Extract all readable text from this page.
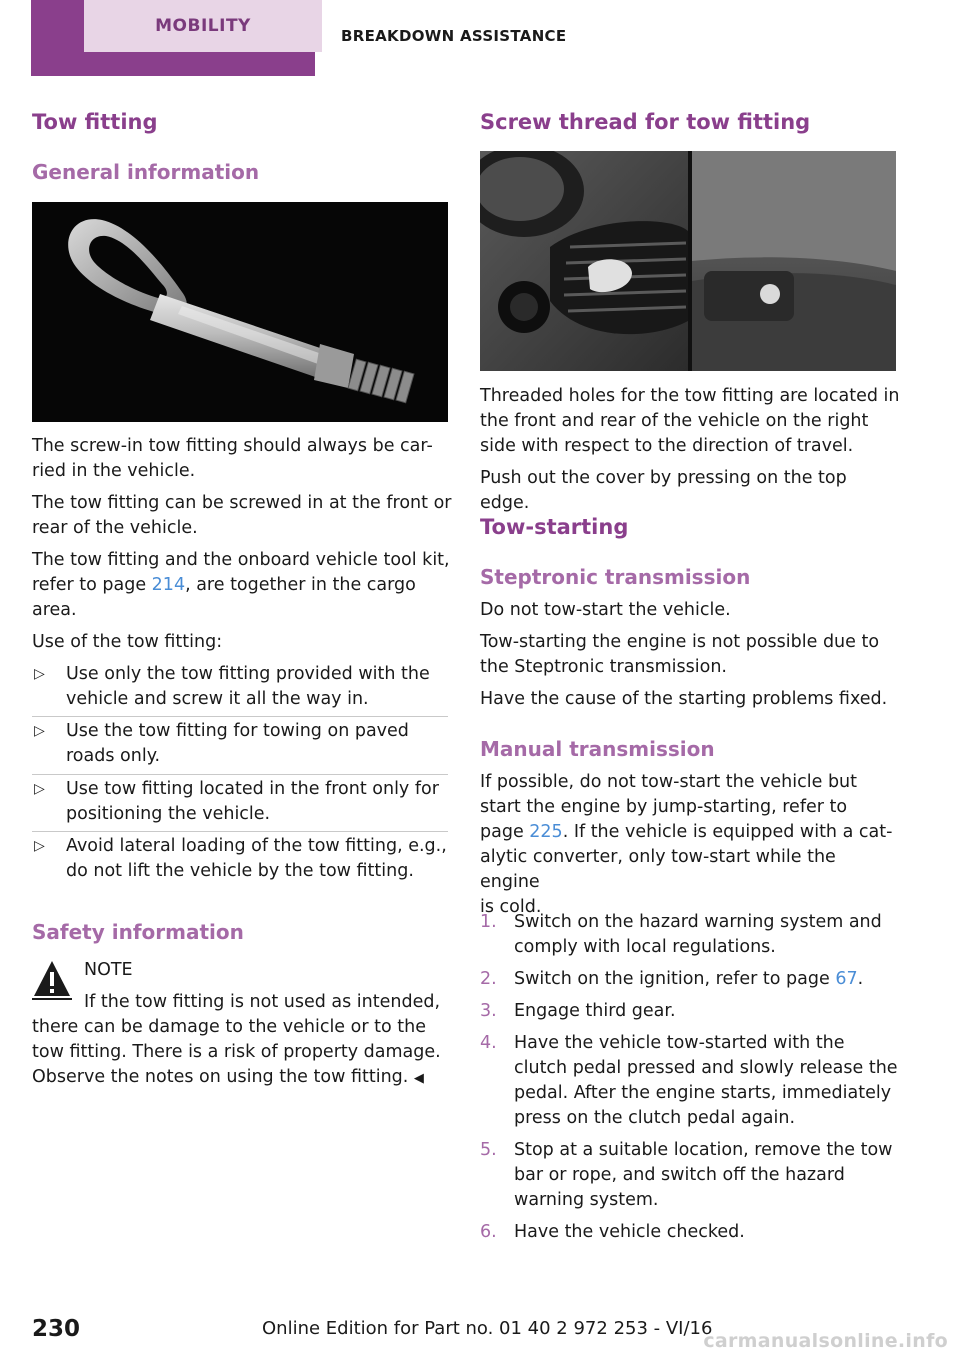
MOBILITY	BREAKDOWN ASSISTANCE
Tow fitting
General information
The screw-in tow fitting should always be car-
ried in the vehicle.
The tow fitting can be screwed in at the front or
rear of the vehicle.
The tow fitting and the onboard vehicle tool kit,
refer to page 214, are together in the cargo
area.
Use of the tow fitting:
▷ Use only the tow fitting provided with the
vehicle and screw it all the way in.
▷ Use the tow fitting for towing on paved
roads only.
▷ Use tow fitting located in the front only for
positioning the vehicle.
▷ Avoid lateral loading of the tow fitting, e.g.,
do not lift the vehicle by the tow fitting.
Safety information
NOTE
If the tow fitting is not used as intended,
there can be damage to the vehicle or to the
tow fitting. There is a risk of property damage.
Observe the notes on using the tow fitting. ◀
Screw thread for tow fitting
Threaded holes for the tow fitting are located in
the front and rear of the vehicle on the right
side with respect to the direction of travel.
Push out the cover by pressing on the top edge.
Tow-starting
Steptronic transmission
Do not tow-start the vehicle.
Tow-starting the engine is not possible due to
the Steptronic transmission.
Have the cause of the starting problems fixed.
Manual transmission
If possible, do not tow-start the vehicle but
start the engine by jump-starting, refer to
page 225. If the vehicle is equipped with a cat-
alytic converter, only tow-start while the engine
is cold.
1. Switch on the hazard warning system and
comply with local regulations.
2. Switch on the ignition, refer to page 67.
3. Engage third gear.
4. Have the vehicle tow-started with the
clutch pedal pressed and slowly release the
pedal. After the engine starts, immediately
press on the clutch pedal again.
5. Stop at a suitable location, remove the tow
bar or rope, and switch off the hazard
warning system.
6. Have the vehicle checked.
230	Online Edition for Part no. 01 40 2 972 253 - VI/16
carmanualsonline.info
